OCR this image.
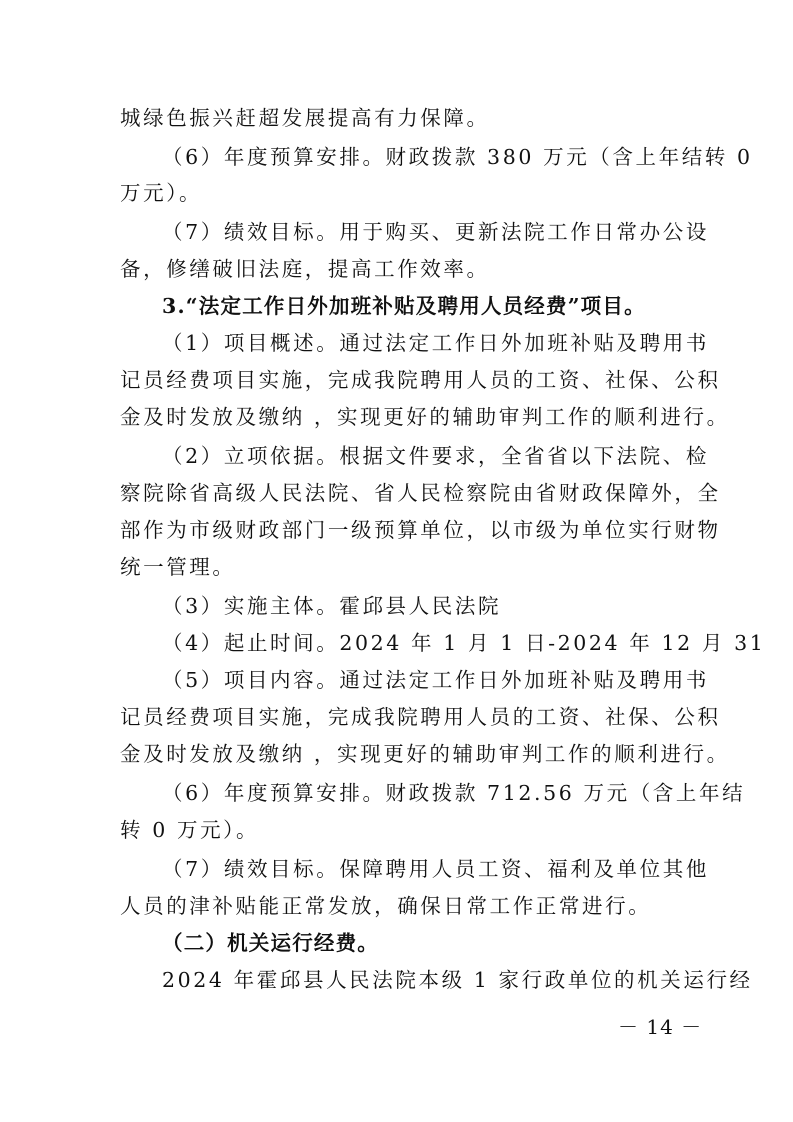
城绿色振兴赶超发展提高有力保障。
（6）年度预算安排。财政拨款 380 万元（含上年结转 0
万元）。
（7）绩效目标。用于购买、更新法院工作日常办公设
备，修缮破旧法庭，提高工作效率。
3.“法定工作日外加班补贴及聘用人员经费”项目。
（1）项目概述。通过法定工作日外加班补贴及聘用书
记员经费项目实施，完成我院聘用人员的工资、社保、公积
金及时发放及缴纳 ，实现更好的辅助审判工作的顺利进行。
（2）立项依据。根据文件要求，全省省以下法院、检
察院除省高级人民法院、省人民检察院由省财政保障外，全
部作为市级财政部门一级预算单位，以市级为单位实行财物
统一管理。
（3）实施主体。霍邱县人民法院
（4）起止时间。2024 年 1 月 1 日-2024 年 12 月 31
（5）项目内容。通过法定工作日外加班补贴及聘用书
记员经费项目实施，完成我院聘用人员的工资、社保、公积
金及时发放及缴纳 ，实现更好的辅助审判工作的顺利进行。
（6）年度预算安排。财政拨款 712.56 万元（含上年结
转 0 万元）。
（7）绩效目标。保障聘用人员工资、福利及单位其他
人员的津补贴能正常发放，确保日常工作正常进行。
（二）机关运行经费。
2024 年霍邱县人民法院本级 1 家行政单位的机关运行经
－ 14 －
